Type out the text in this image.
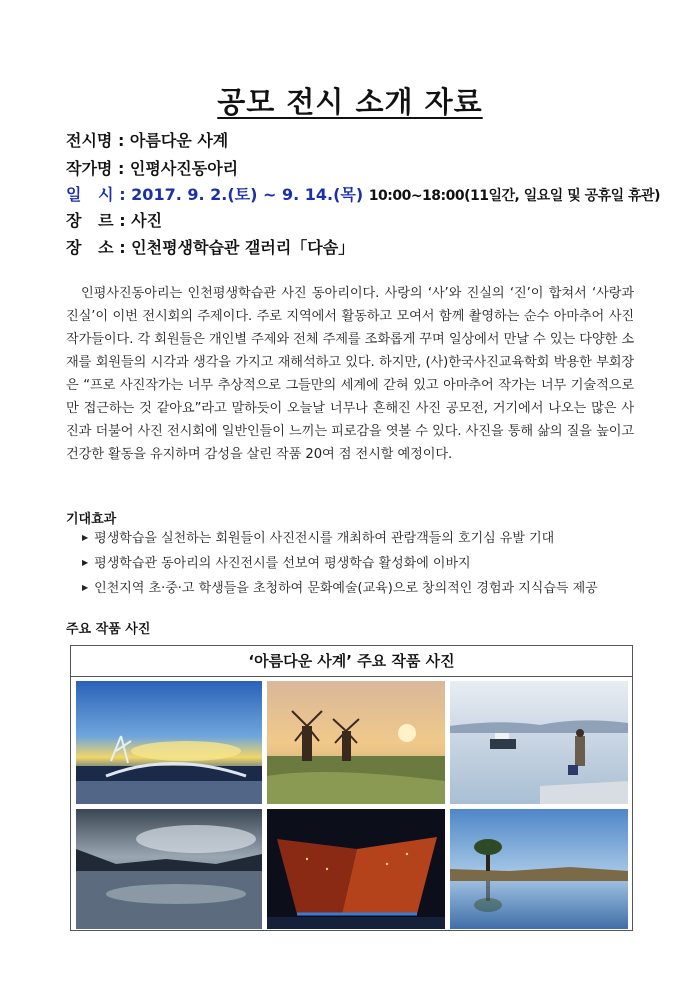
공모 전시 소개 자료
전시명 : 아름다운 사계
작가명 : 인평사진동아리
일   시 : 2017. 9. 2.(토) ~ 9. 14.(목) 10:00~18:00(11일간, 일요일 및 공휴일 휴관)
장   르 : 사진
장   소 : 인천평생학습관 갤러리「다솜」
인평사진동아리는 인천평생학습관 사진 동아리이다. 사랑의 ‘사’와 진실의 ‘진’이 합쳐서 ‘사랑과 진실’이 이번 전시회의 주제이다. 주로 지역에서 활동하고 모여서 함께 촬영하는 순수 아마추어 사진작가들이다. 각 회원들은 개인별 주제와 전체 주제를 조화롭게 꾸며 일상에서 만날 수 있는 다양한 소재를 회원들의 시각과 생각을 가지고 재해석하고 있다. 하지만, (사)한국사진교육학회 박용한 부회장은 “프로 사진작가는 너무 추상적으로 그들만의 세계에 갇혀 있고 아마추어 작가는 너무 기술적으로만 접근하는 것 같아요”라고 말하듯이 오늘날 너무나 흔해진 사진 공모전, 거기에서 나오는 많은 사진과 더불어 사진 전시회에 일반인들이 느끼는 피로감을 엿볼 수 있다. 사진을 통해 삶의 질을 높이고 건강한 활동을 유지하며 감성을 살린 작품 20여 점 전시할 예정이다.
기대효과
▶ 평생학습을 실천하는 회원들이 사진전시를 개최하여 관람객들의 호기심 유발 기대
▶ 평생학습관 동아리의 사진전시를 선보여 평생학습 활성화에 이바지
▶ 인천지역 초·중·고 학생들을 초청하여 문화예술(교육)으로 창의적인 경험과 지식습득 제공
주요 작품 사진
‘아름다운 사계’ 주요 작품 사진
